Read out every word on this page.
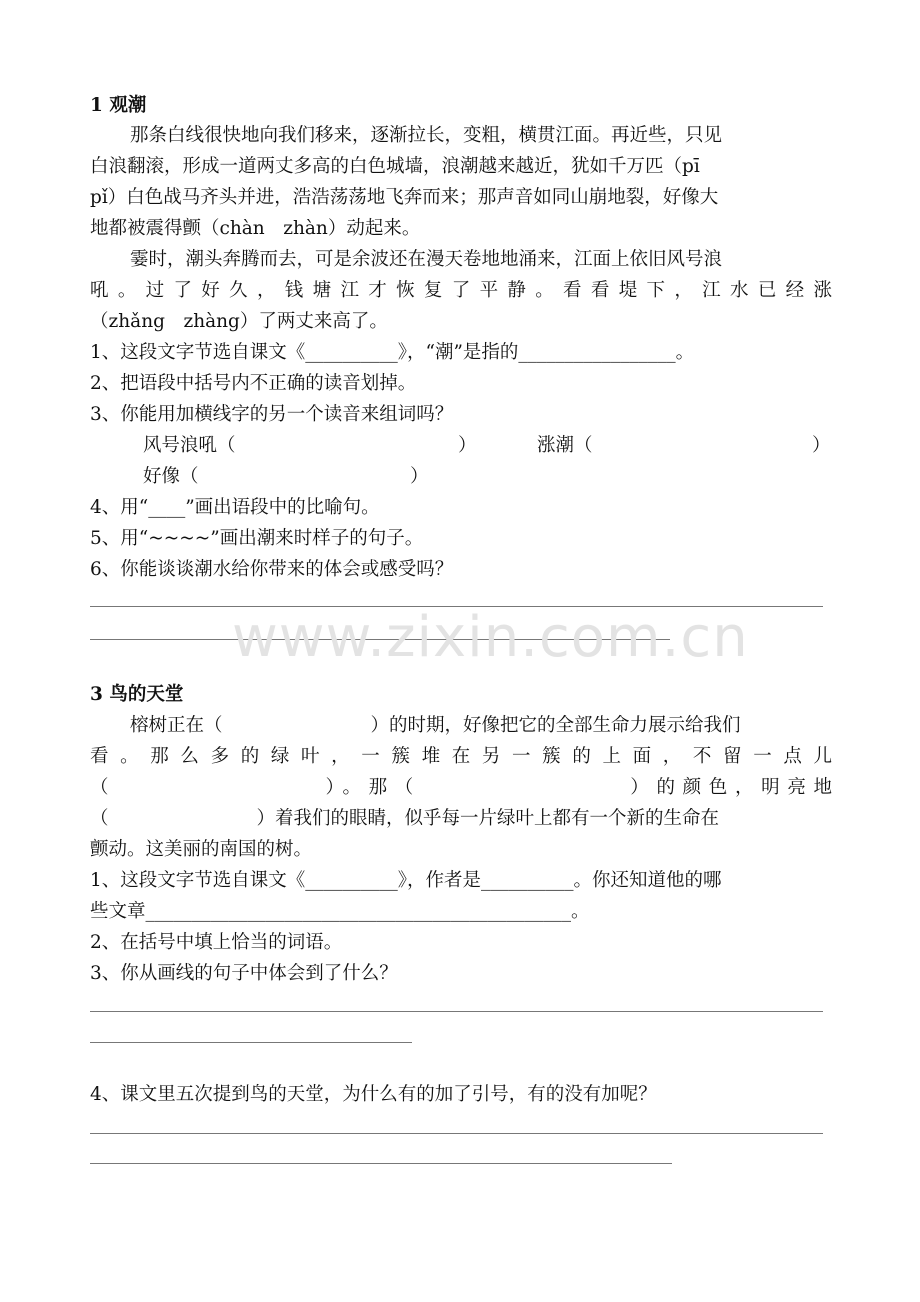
1 观潮
那条白线很快地向我们移来，逐渐拉长，变粗，横贯江面。再近些，只见
白浪翻滚，形成一道两丈多高的白色城墙，浪潮越来越近，犹如千万匹（pī
pǐ）白色战马齐头并进，浩浩荡荡地飞奔而来；那声音如同山崩地裂，好像大
地都被震得颤（chàn　zhàn）动起来。
霎时，潮头奔腾而去，可是余波还在漫天卷地地涌来，江面上依旧风号浪
吼。过了好久，钱塘江才恢复了平静。看看堤下，江水已经涨
（zhǎng　zhàng）了两丈来高了。
1、这段文字节选自课文《__________》，“潮”是指的_________________。
2、把语段中括号内不正确的读音划掉。
3、你能用加横线字的另一个读音来组词吗？
风号浪吼（	）	涨潮（	）
好像（	）
4、用“____”画出语段中的比喻句。
5、用“~~~~”画出潮来时样子的句子。
6、你能谈谈潮水给你带来的体会或感受吗？
www.zixin.com.cn
3 鸟的天堂
榕树正在（　　　　　　　　）的时期，好像把它的全部生命力展示给我们
看。那么多的绿叶，一簇堆在另一簇的上面，不留一点儿
（　　　　　　　　）。那（　　　　　　　　）的颜色，明亮地
（　　　　　　　　）着我们的眼睛，似乎每一片绿叶上都有一个新的生命在
颤动。这美丽的南国的树。
1、这段文字节选自课文《__________》，作者是__________。你还知道他的哪
些文章______________________________________________。
2、在括号中填上恰当的词语。
3、你从画线的句子中体会到了什么？
4、课文里五次提到鸟的天堂，为什么有的加了引号，有的没有加呢？
